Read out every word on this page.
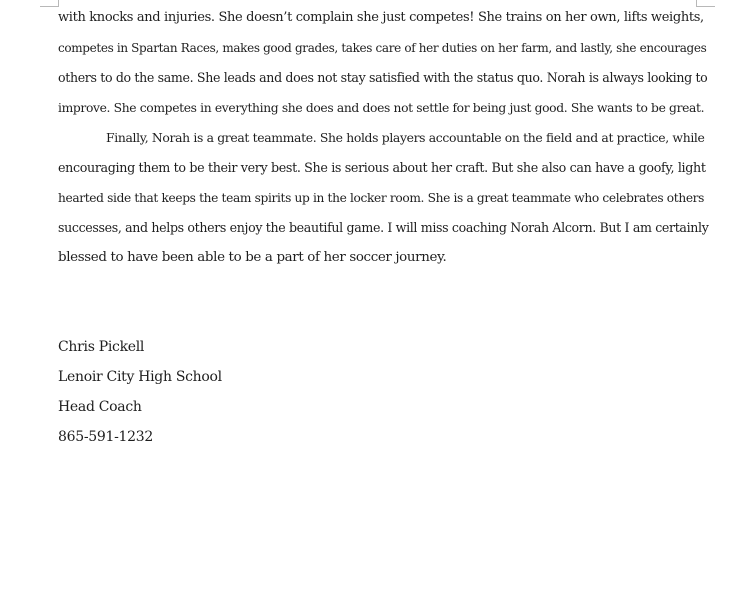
with knocks and injuries. She doesn’t complain she just competes! She trains on her own, lifts weights,
competes in Spartan Races, makes good grades, takes care of her duties on her farm, and lastly, she encourages
others to do the same. She leads and does not stay satisfied with the status quo. Norah is always looking to
improve. She competes in everything she does and does not settle for being just good. She wants to be great.
Finally, Norah is a great teammate. She holds players accountable on the field and at practice, while
encouraging them to be their very best. She is serious about her craft. But she also can have a goofy, light
hearted side that keeps the team spirits up in the locker room. She is a great teammate who celebrates others
successes, and helps others enjoy the beautiful game. I will miss coaching Norah Alcorn. But I am certainly
blessed to have been able to be a part of her soccer journey.
Chris Pickell
Lenoir City High School
Head Coach
865-591-1232
